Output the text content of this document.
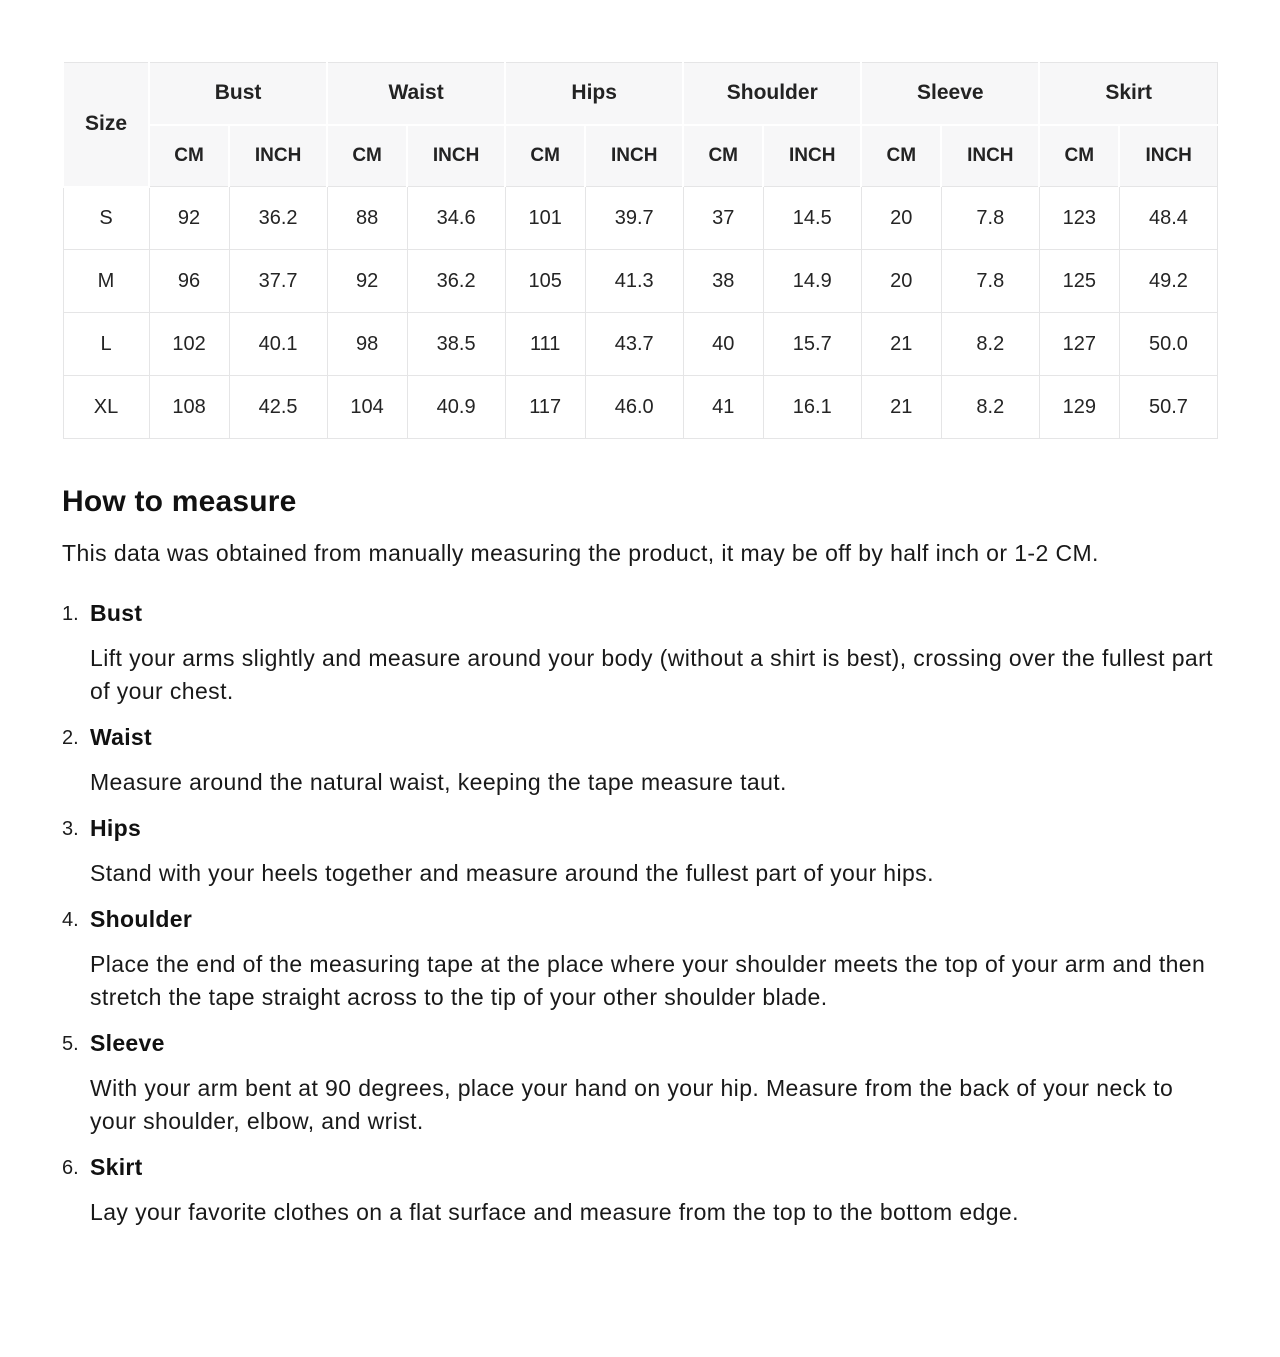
Size	Bust		Waist		Hips		Shoulder		Sleeve		Skirt	
	CM	INCH	CM	INCH	CM	INCH	CM	INCH	CM	INCH	CM	INCH
S	92	36.2	88	34.6	101	39.7	37	14.5	20	7.8	123	48.4
M	96	37.7	92	36.2	105	41.3	38	14.9	20	7.8	125	49.2
L	102	40.1	98	38.5	111	43.7	40	15.7	21	8.2	127	50.0
XL	108	42.5	104	40.9	117	46.0	41	16.1	21	8.2	129	50.7
How to measure

This data was obtained from manually measuring the product, it may be off by half inch or 1-2 CM.

1. Bust

Lift your arms slightly and measure around your body (without a shirt is best), crossing over the fullest part of your chest.

2. Waist

Measure around the natural waist, keeping the tape measure taut.

3. Hips

Stand with your heels together and measure around the fullest part of your hips.

4. Shoulder

Place the end of the measuring tape at the place where your shoulder meets the top of your arm and then stretch the tape straight across to the tip of your other shoulder blade.

5. Sleeve

With your arm bent at 90 degrees, place your hand on your hip. Measure from the back of your neck to your shoulder, elbow, and wrist.

6. Skirt

Lay your favorite clothes on a flat surface and measure from the top to the bottom edge.
